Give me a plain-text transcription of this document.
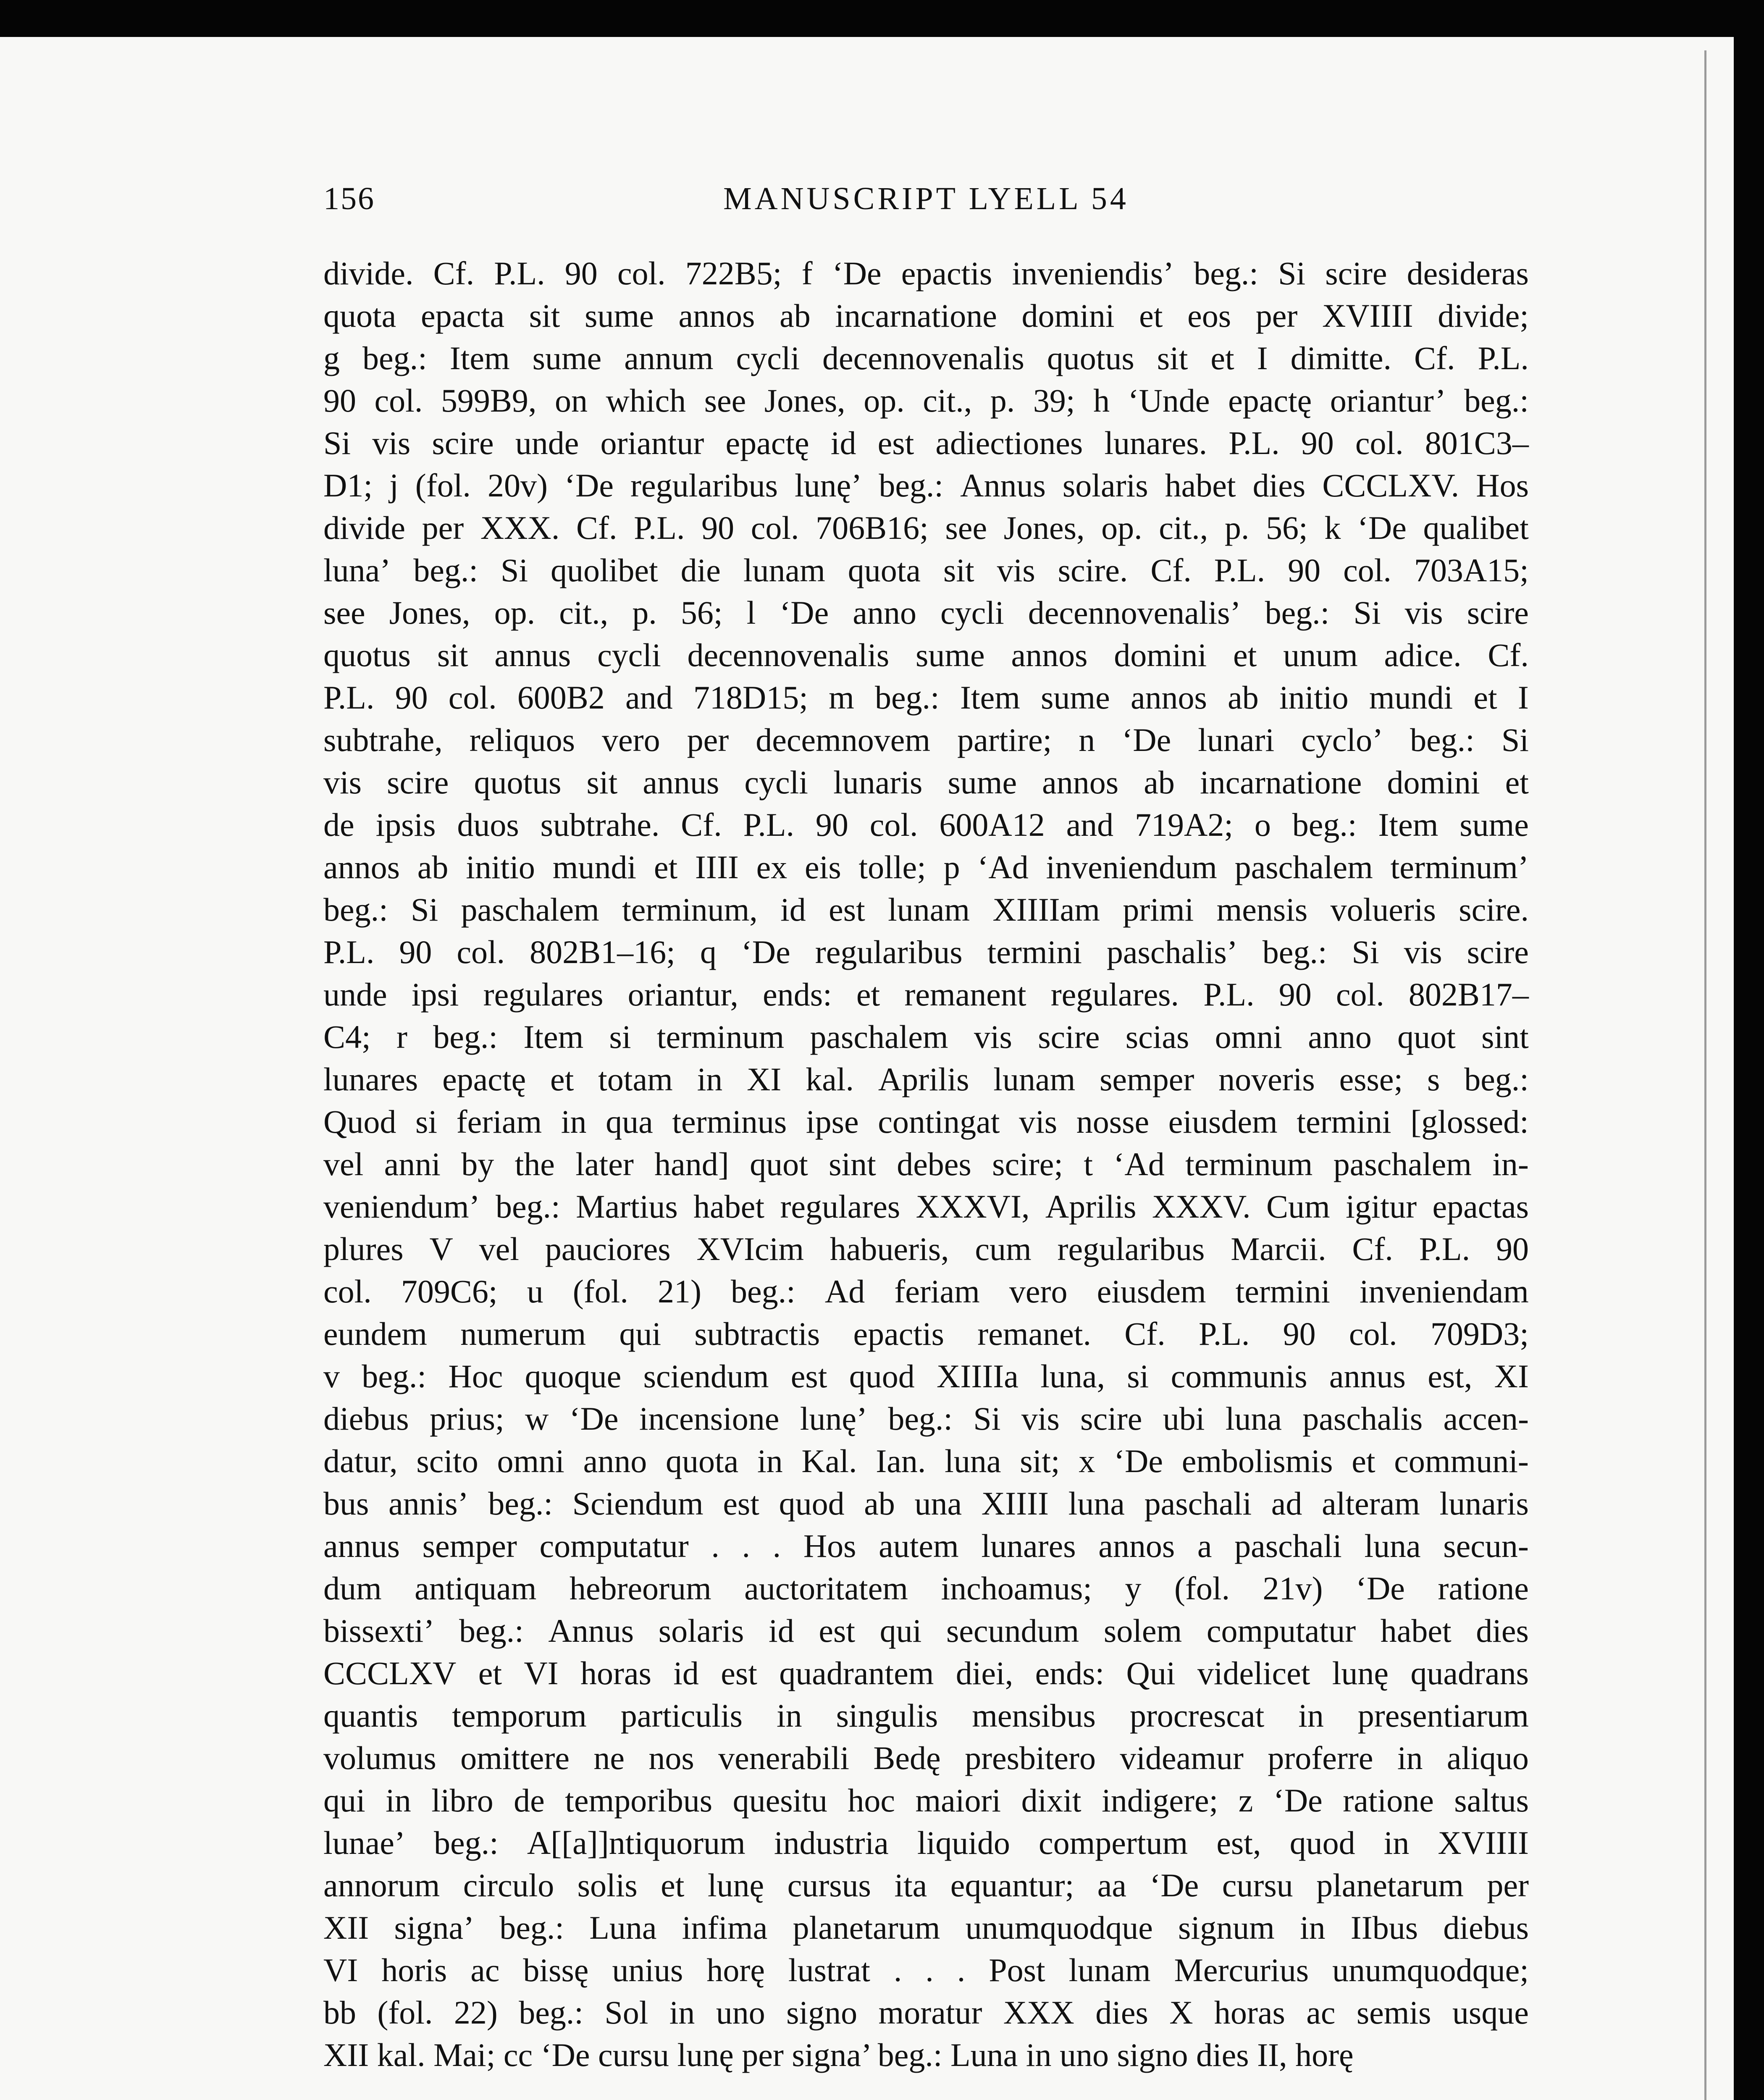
156	MANUSCRIPT LYELL 54
divide. Cf. P.L. 90 col. 722B5; f ‘De epactis inveniendis’ beg.: Si scire desideras
quota epacta sit sume annos ab incarnatione domini et eos per XVIIII divide;
g beg.: Item sume annum cycli decennovenalis quotus sit et I dimitte. Cf. P.L.
90 col. 599B9, on which see Jones, op. cit., p. 39; h ‘Unde epactę oriantur’ beg.:
Si vis scire unde oriantur epactę id est adiectiones lunares. P.L. 90 col. 801C3–
D1; j (fol. 20v) ‘De regularibus lunę’ beg.: Annus solaris habet dies CCCLXV. Hos
divide per XXX. Cf. P.L. 90 col. 706B16; see Jones, op. cit., p. 56; k ‘De qualibet
luna’ beg.: Si quolibet die lunam quota sit vis scire. Cf. P.L. 90 col. 703A15;
see Jones, op. cit., p. 56; l ‘De anno cycli decennovenalis’ beg.: Si vis scire
quotus sit annus cycli decennovenalis sume annos domini et unum adice. Cf.
P.L. 90 col. 600B2 and 718D15; m beg.: Item sume annos ab initio mundi et I
subtrahe, reliquos vero per decemnovem partire; n ‘De lunari cyclo’ beg.: Si
vis scire quotus sit annus cycli lunaris sume annos ab incarnatione domini et
de ipsis duos subtrahe. Cf. P.L. 90 col. 600A12 and 719A2; o beg.: Item sume
annos ab initio mundi et IIII ex eis tolle; p ‘Ad inveniendum paschalem terminum’
beg.: Si paschalem terminum, id est lunam XIIIIam primi mensis volueris scire.
P.L. 90 col. 802B1–16; q ‘De regularibus termini paschalis’ beg.: Si vis scire
unde ipsi regulares oriantur, ends: et remanent regulares. P.L. 90 col. 802B17–
C4; r beg.: Item si terminum paschalem vis scire scias omni anno quot sint
lunares epactę et totam in XI kal. Aprilis lunam semper noveris esse; s beg.:
Quod si feriam in qua terminus ipse contingat vis nosse eiusdem termini [glossed:
vel anni by the later hand] quot sint debes scire; t ‘Ad terminum paschalem in-
veniendum’ beg.: Martius habet regulares XXXVI, Aprilis XXXV. Cum igitur epactas
plures V vel pauciores XVIcim habueris, cum regularibus Marcii. Cf. P.L. 90
col. 709C6; u (fol. 21) beg.: Ad feriam vero eiusdem termini inveniendam
eundem numerum qui subtractis epactis remanet. Cf. P.L. 90 col. 709D3;
v beg.: Hoc quoque sciendum est quod XIIIIa luna, si communis annus est, XI
diebus prius; w ‘De incensione lunę’ beg.: Si vis scire ubi luna paschalis accen-
datur, scito omni anno quota in Kal. Ian. luna sit; x ‘De embolismis et communi-
bus annis’ beg.: Sciendum est quod ab una XIIII luna paschali ad alteram lunaris
annus semper computatur . . . Hos autem lunares annos a paschali luna secun-
dum antiquam hebreorum auctoritatem inchoamus; y (fol. 21v) ‘De ratione
bissexti’ beg.: Annus solaris id est qui secundum solem computatur habet dies
CCCLXV et VI horas id est quadrantem diei, ends: Qui videlicet lunę quadrans
quantis temporum particulis in singulis mensibus procrescat in presentiarum
volumus omittere ne nos venerabili Bedę presbitero videamur proferre in aliquo
qui in libro de temporibus quesitu hoc maiori dixit indigere; z ‘De ratione saltus
lunae’ beg.: A[[a]]ntiquorum industria liquido compertum est, quod in XVIIII
annorum circulo solis et lunę cursus ita equantur; aa ‘De cursu planetarum per
XII signa’ beg.: Luna infima planetarum unumquodque signum in IIbus diebus
VI horis ac bissę unius horę lustrat . . . Post lunam Mercurius unumquodque;
bb (fol. 22) beg.: Sol in uno signo moratur XXX dies X horas ac semis usque
XII kal. Mai; cc ‘De cursu lunę per signa’ beg.: Luna in uno signo dies II, horę
